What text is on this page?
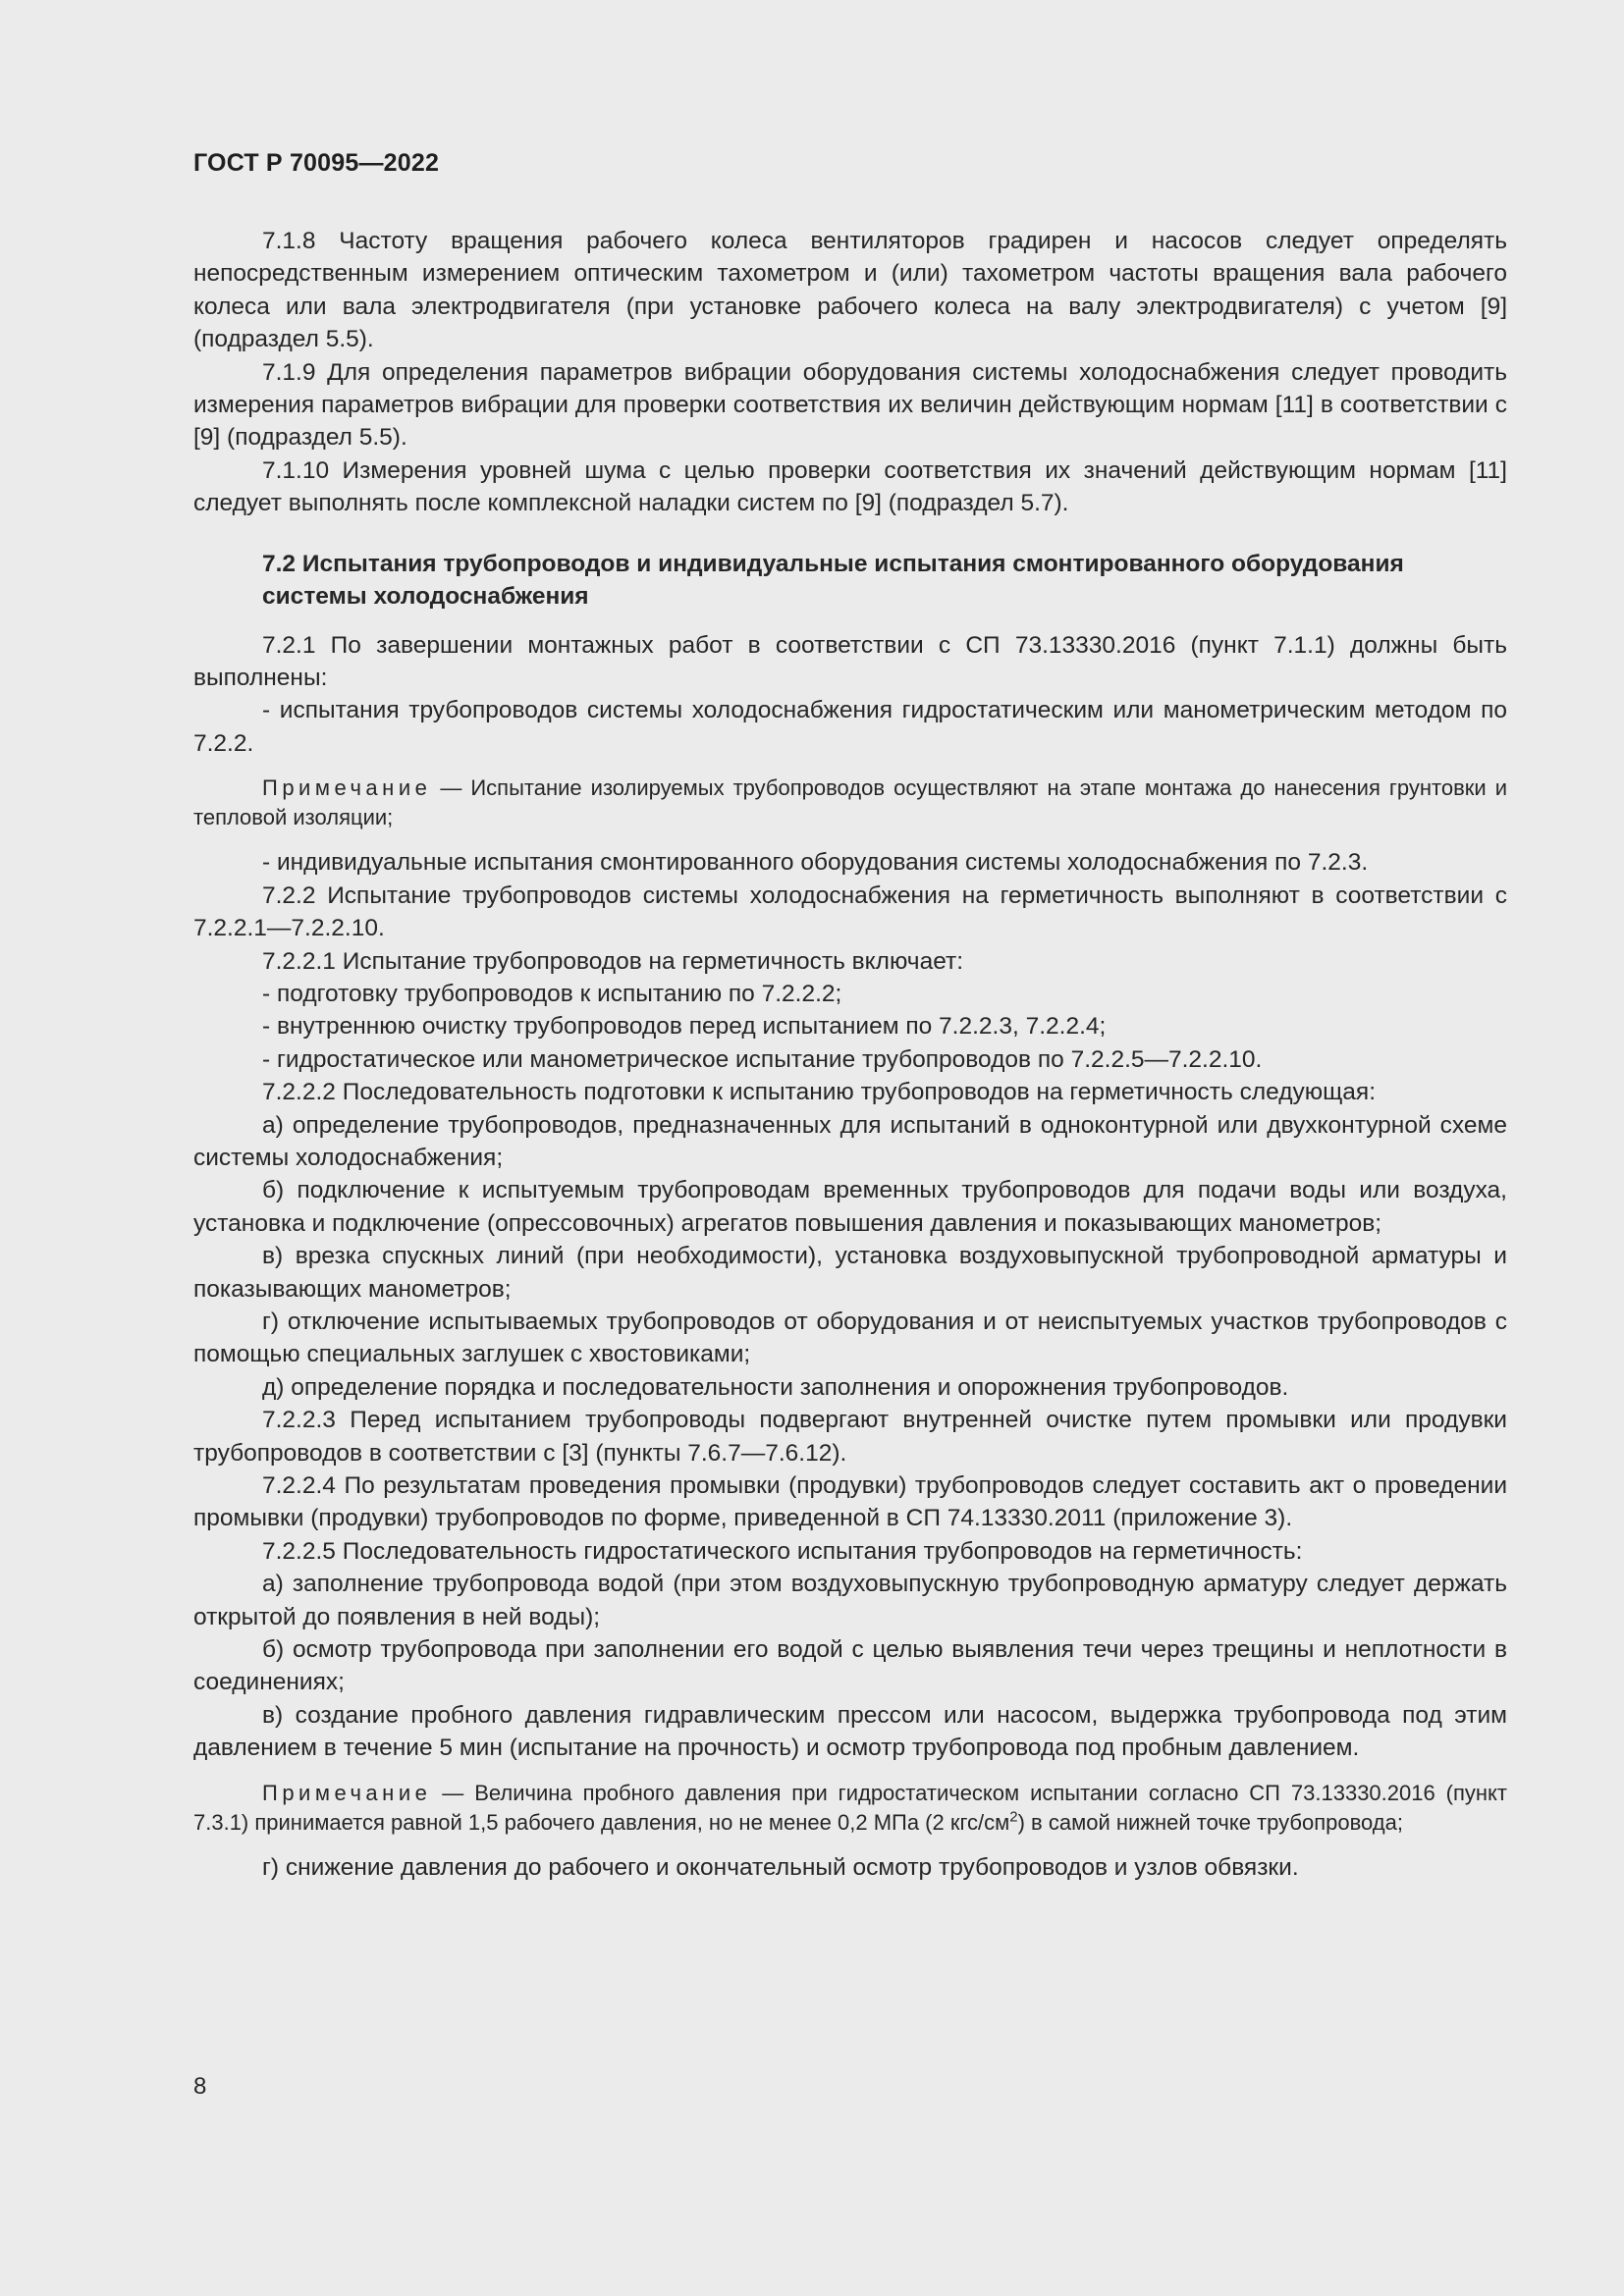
ГОСТ Р 70095—2022

7.1.8 Частоту вращения рабочего колеса вентиляторов градирен и насосов следует определять непосредственным измерением оптическим тахометром и (или) тахометром частоты вращения вала рабочего колеса или вала электродвигателя (при установке рабочего колеса на валу электродвигателя) с учетом [9] (подраздел 5.5).

7.1.9 Для определения параметров вибрации оборудования системы холодоснабжения следует проводить измерения параметров вибрации для проверки соответствия их величин действующим нормам [11] в соответствии с [9] (подраздел 5.5).

7.1.10 Измерения уровней шума с целью проверки соответствия их значений действующим нормам [11] следует выполнять после комплексной наладки систем по [9] (подраздел 5.7).

7.2 Испытания трубопроводов и индивидуальные испытания смонтированного оборудования системы холодоснабжения

7.2.1 По завершении монтажных работ в соответствии с СП 73.13330.2016 (пункт 7.1.1) должны быть выполнены:

- испытания трубопроводов системы холодоснабжения гидростатическим или манометрическим методом по 7.2.2.

Примечание — Испытание изолируемых трубопроводов осуществляют на этапе монтажа до нанесения грунтовки и тепловой изоляции;

- индивидуальные испытания смонтированного оборудования системы холодоснабжения по 7.2.3.

7.2.2 Испытание трубопроводов системы холодоснабжения на герметичность выполняют в соответствии с 7.2.2.1—7.2.2.10.

7.2.2.1 Испытание трубопроводов на герметичность включает:

- подготовку трубопроводов к испытанию по 7.2.2.2;

- внутреннюю очистку трубопроводов перед испытанием по 7.2.2.3, 7.2.2.4;

- гидростатическое или манометрическое испытание трубопроводов по 7.2.2.5—7.2.2.10.

7.2.2.2 Последовательность подготовки к испытанию трубопроводов на герметичность следующая:

а) определение трубопроводов, предназначенных для испытаний в одноконтурной или двухконтурной схеме системы холодоснабжения;

б) подключение к испытуемым трубопроводам временных трубопроводов для подачи воды или воздуха, установка и подключение (опрессовочных) агрегатов повышения давления и показывающих манометров;

в) врезка спускных линий (при необходимости), установка воздуховыпускной трубопроводной арматуры и показывающих манометров;

г) отключение испытываемых трубопроводов от оборудования и от неиспытуемых участков трубопроводов с помощью специальных заглушек с хвостовиками;

д) определение порядка и последовательности заполнения и опорожнения трубопроводов.

7.2.2.3 Перед испытанием трубопроводы подвергают внутренней очистке путем промывки или продувки трубопроводов в соответствии с [3] (пункты 7.6.7—7.6.12).

7.2.2.4 По результатам проведения промывки (продувки) трубопроводов следует составить акт о проведении промывки (продувки) трубопроводов по форме, приведенной в СП 74.13330.2011 (приложение 3).

7.2.2.5 Последовательность гидростатического испытания трубопроводов на герметичность:

а) заполнение трубопровода водой (при этом воздуховыпускную трубопроводную арматуру следует держать открытой до появления в ней воды);

б) осмотр трубопровода при заполнении его водой с целью выявления течи через трещины и неплотности в соединениях;

в) создание пробного давления гидравлическим прессом или насосом, выдержка трубопровода под этим давлением в течение 5 мин (испытание на прочность) и осмотр трубопровода под пробным давлением.

Примечание — Величина пробного давления при гидростатическом испытании согласно СП 73.13330.2016 (пункт 7.3.1) принимается равной 1,5 рабочего давления, но не менее 0,2 МПа (2 кгс/$см^2$) в самой нижней точке трубопровода;

г) снижение давления до рабочего и окончательный осмотр трубопроводов и узлов обвязки.

8
